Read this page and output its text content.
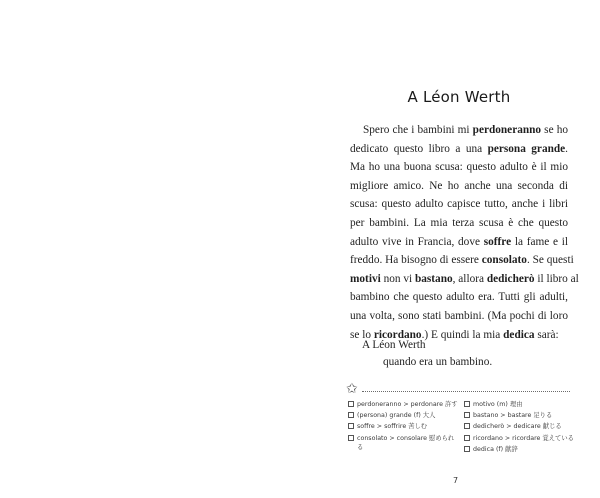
A Léon Werth
Spero che i bambini mi perdoneranno se ho
dedicato questo libro a una persona grande.
Ma ho una buona scusa: questo adulto è il mio
migliore amico. Ne ho anche una seconda di
scusa: questo adulto capisce tutto, anche i libri
per bambini. La mia terza scusa è che questo
adulto vive in Francia, dove soffre la fame e il
freddo. Ha bisogno di essere consolato. Se questi
motivi non vi bastano, allora dedicherò il libro al
bambino che questo adulto era. Tutti gli adulti,
una volta, sono stati bambini. (Ma pochi di loro
se lo ricordano.) E quindi la mia dedica sarà:
A Léon Werth
quando era un bambino.
✩
perdoneranno > perdonare 許す
(persona) grande (f) 大人
soffre > soffrire 苦しむ
consolato > consolare 慰められる
motivo (m) 理由
bastano > bastare 足りる
dedicherò > dedicare 献じる
ricordano > ricordare 覚えている
dedica (f) 献辞
7
